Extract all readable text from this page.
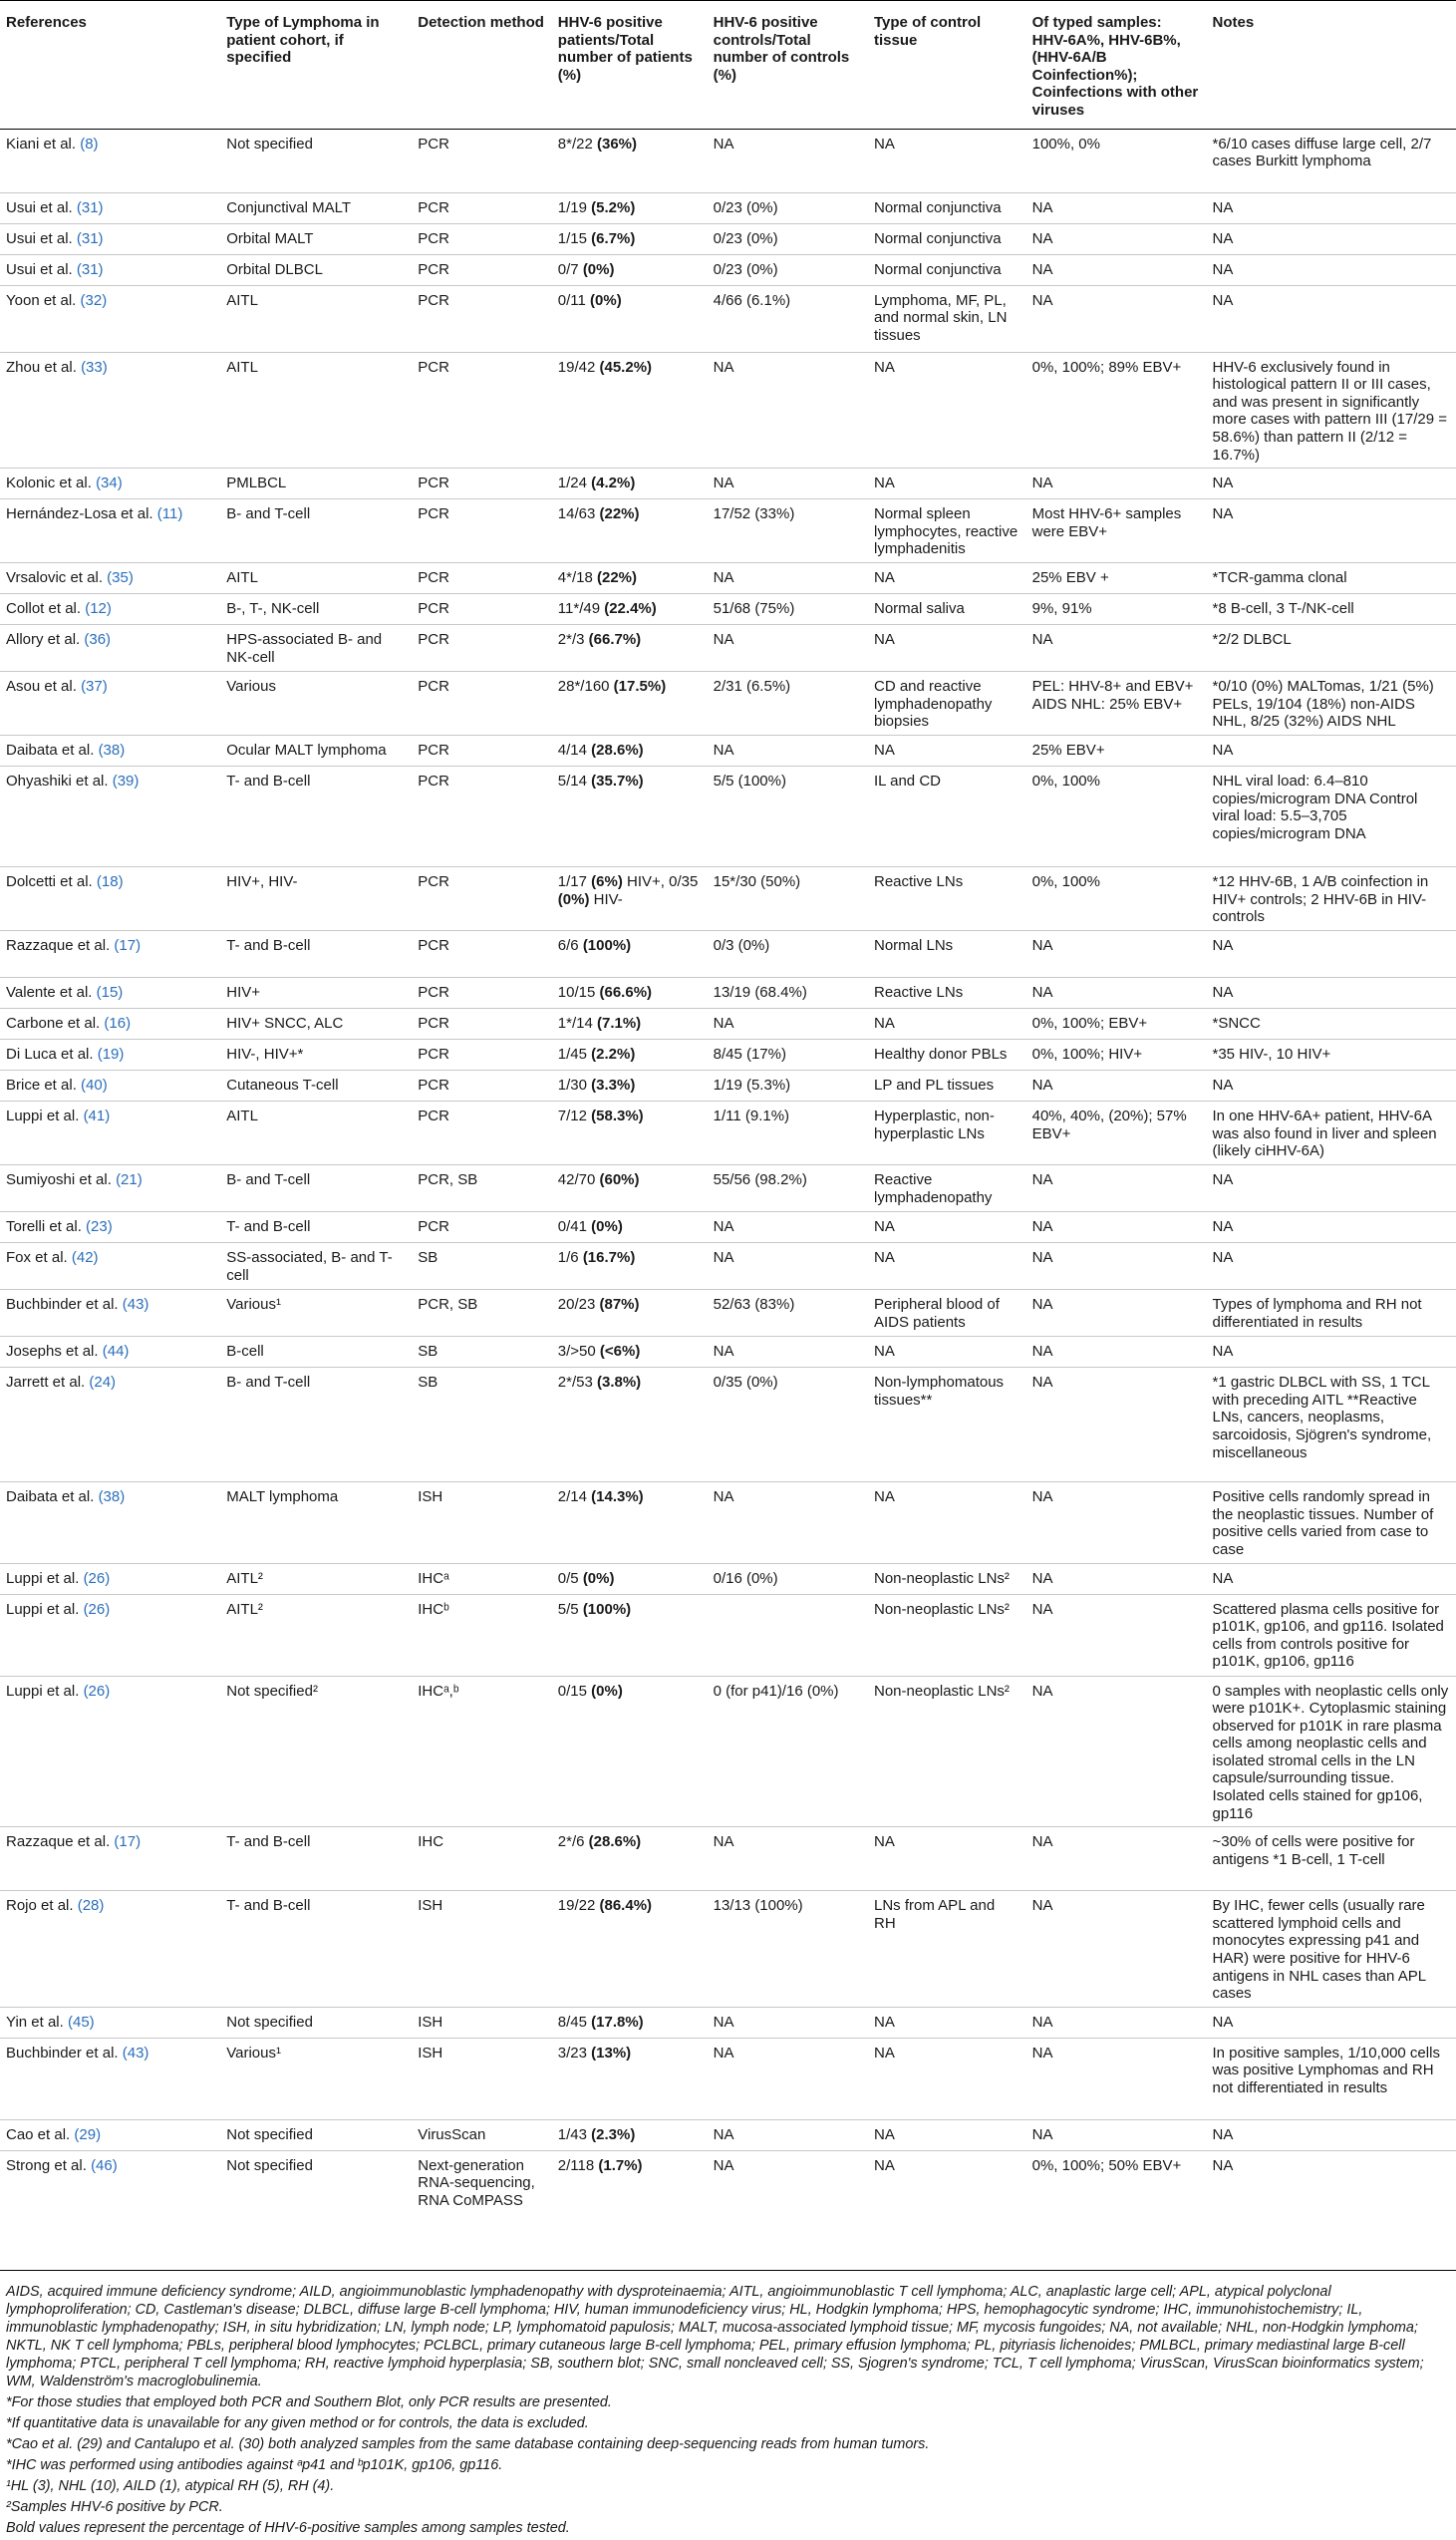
References	Type of Lymphoma in patient cohort, if specified	Detection method	HHV-6 positive patients/Total number of patients (%)	HHV-6 positive controls/Total number of controls (%)	Type of control tissue	Of typed samples: HHV-6A%, HHV-6B%, (HHV-6A/B Coinfection%); Coinfections with other viruses	Notes
Kiani et al. (8)	Not specified	PCR	8*/22 (36%)	NA	NA	100%, 0%	*6/10 cases diffuse large cell, 2/7 cases Burkitt lymphoma
Usui et al. (31)	Conjunctival MALT	PCR	1/19 (5.2%)	0/23 (0%)	Normal conjunctiva	NA	NA
Usui et al. (31)	Orbital MALT	PCR	1/15 (6.7%)	0/23 (0%)	Normal conjunctiva	NA	NA
Usui et al. (31)	Orbital DLBCL	PCR	0/7 (0%)	0/23 (0%)	Normal conjunctiva	NA	NA
Yoon et al. (32)	AITL	PCR	0/11 (0%)	4/66 (6.1%)	Lymphoma, MF, PL, and normal skin, LN tissues	NA	NA
Zhou et al. (33)	AITL	PCR	19/42 (45.2%)	NA	NA	0%, 100%; 89% EBV+	HHV-6 exclusively found in histological pattern II or III cases, and was present in significantly more cases with pattern III (17/29 = 58.6%) than pattern II (2/12 = 16.7%)
Kolonic et al. (34)	PMLBCL	PCR	1/24 (4.2%)	NA	NA	NA	NA
Hernández-Losa et al. (11)	B- and T-cell	PCR	14/63 (22%)	17/52 (33%)	Normal spleen lymphocytes, reactive lymphadenitis	Most HHV-6+ samples were EBV+	NA
Vrsalovic et al. (35)	AITL	PCR	4*/18 (22%)	NA	NA	25% EBV +	*TCR-gamma clonal
Collot et al. (12)	B-, T-, NK-cell	PCR	11*/49 (22.4%)	51/68 (75%)	Normal saliva	9%, 91%	*8 B-cell, 3 T-/NK-cell
Allory et al. (36)	HPS-associated B- and NK-cell	PCR	2*/3 (66.7%)	NA	NA	NA	*2/2 DLBCL
Asou et al. (37)	Various	PCR	28*/160 (17.5%)	2/31 (6.5%)	CD and reactive lymphadenopathy biopsies	PEL: HHV-8+ and EBV+ AIDS NHL: 25% EBV+	*0/10 (0%) MALTomas, 1/21 (5%) PELs, 19/104 (18%) non-AIDS NHL, 8/25 (32%) AIDS NHL
Daibata et al. (38)	Ocular MALT lymphoma	PCR	4/14 (28.6%)	NA	NA	25% EBV+	NA
Ohyashiki et al. (39)	T- and B-cell	PCR	5/14 (35.7%)	5/5 (100%)	IL and CD	0%, 100%	NHL viral load: 6.4–810 copies/microgram DNA Control viral load: 5.5–3,705 copies/microgram DNA
Dolcetti et al. (18)	HIV+, HIV-	PCR	1/17 (6%) HIV+, 0/35 (0%) HIV-	15*/30 (50%)	Reactive LNs	0%, 100%	*12 HHV-6B, 1 A/B coinfection in HIV+ controls; 2 HHV-6B in HIV- controls
Razzaque et al. (17)	T- and B-cell	PCR	6/6 (100%)	0/3 (0%)	Normal LNs	NA	NA
Valente et al. (15)	HIV+	PCR	10/15 (66.6%)	13/19 (68.4%)	Reactive LNs	NA	NA
Carbone et al. (16)	HIV+ SNCC, ALC	PCR	1*/14 (7.1%)	NA	NA	0%, 100%; EBV+	*SNCC
Di Luca et al. (19)	HIV-, HIV+*	PCR	1/45 (2.2%)	8/45 (17%)	Healthy donor PBLs	0%, 100%; HIV+	*35 HIV-, 10 HIV+
Brice et al. (40)	Cutaneous T-cell	PCR	1/30 (3.3%)	1/19 (5.3%)	LP and PL tissues	NA	NA
Luppi et al. (41)	AITL	PCR	7/12 (58.3%)	1/11 (9.1%)	Hyperplastic, non-hyperplastic LNs	40%, 40%, (20%); 57% EBV+	In one HHV-6A+ patient, HHV-6A was also found in liver and spleen (likely ciHHV-6A)
Sumiyoshi et al. (21)	B- and T-cell	PCR, SB	42/70 (60%)	55/56 (98.2%)	Reactive lymphadenopathy	NA	NA
Torelli et al. (23)	T- and B-cell	PCR	0/41 (0%)	NA	NA	NA	NA
Fox et al. (42)	SS-associated, B- and T-cell	SB	1/6 (16.7%)	NA	NA	NA	NA
Buchbinder et al. (43)	Various¹	PCR, SB	20/23 (87%)	52/63 (83%)	Peripheral blood of AIDS patients	NA	Types of lymphoma and RH not differentiated in results
Josephs et al. (44)	B-cell	SB	3/>50 (<6%)	NA	NA	NA	NA
Jarrett et al. (24)	B- and T-cell	SB	2*/53 (3.8%)	0/35 (0%)	Non-lymphomatous tissues**	NA	*1 gastric DLBCL with SS, 1 TCL with preceding AITL **Reactive LNs, cancers, neoplasms, sarcoidosis, Sjögren's syndrome, miscellaneous
Daibata et al. (38)	MALT lymphoma	ISH	2/14 (14.3%)	NA	NA	NA	Positive cells randomly spread in the neoplastic tissues. Number of positive cells varied from case to case
Luppi et al. (26)	AITL²	IHCᵃ	0/5 (0%)	0/16 (0%)	Non-neoplastic LNs²	NA	NA
Luppi et al. (26)	AITL²	IHCᵇ	5/5 (100%)		Non-neoplastic LNs²	NA	Scattered plasma cells positive for p101K, gp106, and gp116. Isolated cells from controls positive for p101K, gp106, gp116
Luppi et al. (26)	Not specified²	IHCᵃ,ᵇ	0/15 (0%)	0 (for p41)/16 (0%)	Non-neoplastic LNs²	NA	0 samples with neoplastic cells only were p101K+. Cytoplasmic staining observed for p101K in rare plasma cells among neoplastic cells and isolated stromal cells in the LN capsule/surrounding tissue. Isolated cells stained for gp106, gp116
Razzaque et al. (17)	T- and B-cell	IHC	2*/6 (28.6%)	NA	NA	NA	~30% of cells were positive for antigens *1 B-cell, 1 T-cell
Rojo et al. (28)	T- and B-cell	ISH	19/22 (86.4%)	13/13 (100%)	LNs from APL and RH	NA	By IHC, fewer cells (usually rare scattered lymphoid cells and monocytes expressing p41 and HAR) were positive for HHV-6 antigens in NHL cases than APL cases
Yin et al. (45)	Not specified	ISH	8/45 (17.8%)	NA	NA	NA	NA
Buchbinder et al. (43)	Various¹	ISH	3/23 (13%)	NA	NA	NA	In positive samples, 1/10,000 cells was positive Lymphomas and RH not differentiated in results
Cao et al. (29)	Not specified	VirusScan	1/43 (2.3%)	NA	NA	NA	NA
Strong et al. (46)	Not specified	Next-generation RNA-sequencing, RNA CoMPASS	2/118 (1.7%)	NA	NA	0%, 100%; 50% EBV+	NA

AIDS, acquired immune deficiency syndrome; AILD, angioimmunoblastic lymphadenopathy with dysproteinaemia; AITL, angioimmunoblastic T cell lymphoma; ALC, anaplastic large cell; APL, atypical polyclonal lymphoproliferation; CD, Castleman's disease; DLBCL, diffuse large B-cell lymphoma; HIV, human immunodeficiency virus; HL, Hodgkin lymphoma; HPS, hemophagocytic syndrome; IHC, immunohistochemistry; IL, immunoblastic lymphadenopathy; ISH, in situ hybridization; LN, lymph node; LP, lymphomatoid papulosis; MALT, mucosa-associated lymphoid tissue; MF, mycosis fungoides; NA, not available; NHL, non-Hodgkin lymphoma; NKTL, NK T cell lymphoma; PBLs, peripheral blood lymphocytes; PCLBCL, primary cutaneous large B-cell lymphoma; PEL, primary effusion lymphoma; PL, pityriasis lichenoides; PMLBCL, primary mediastinal large B-cell lymphoma; PTCL, peripheral T cell lymphoma; RH, reactive lymphoid hyperplasia; SB, southern blot; SNC, small noncleaved cell; SS, Sjogren's syndrome; TCL, T cell lymphoma; VirusScan, VirusScan bioinformatics system; WM, Waldenström's macroglobulinemia.

*For those studies that employed both PCR and Southern Blot, only PCR results are presented.

*If quantitative data is unavailable for any given method or for controls, the data is excluded.

*Cao et al. (29) and Cantalupo et al. (30) both analyzed samples from the same database containing deep-sequencing reads from human tumors.

*IHC was performed using antibodies against ᵃp41 and ᵇp101K, gp106, gp116.

¹HL (3), NHL (10), AILD (1), atypical RH (5), RH (4).

²Samples HHV-6 positive by PCR.

Bold values represent the percentage of HHV-6-positive samples among samples tested.
